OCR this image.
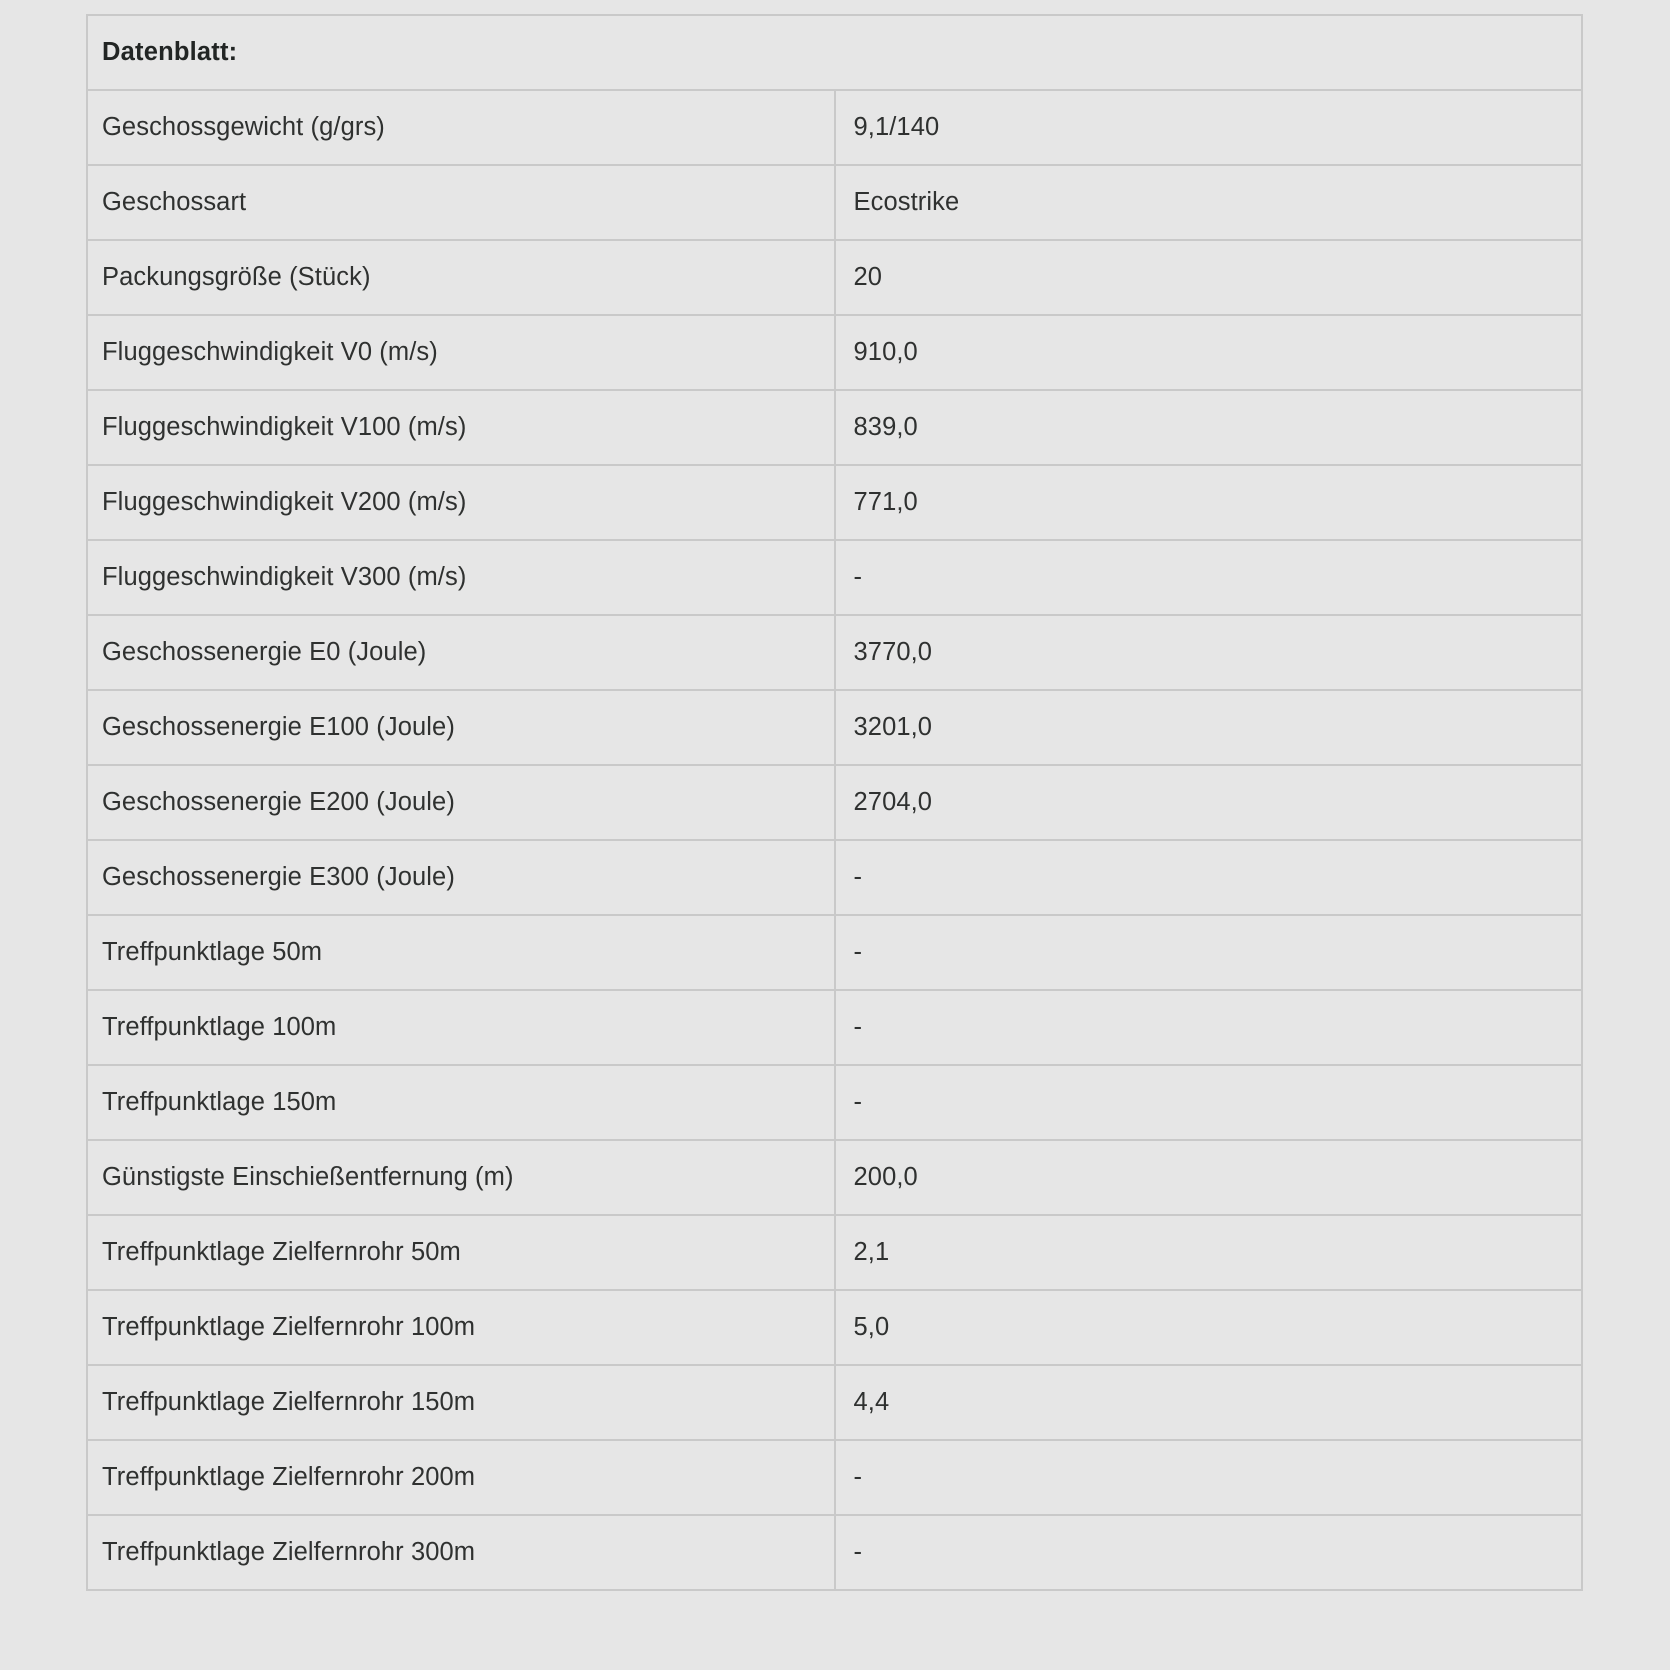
Datenblatt:	
Geschossgewicht (g/grs)	9,1/140
Geschossart	Ecostrike
Packungsgröße (Stück)	20
Fluggeschwindigkeit V0 (m/s)	910,0
Fluggeschwindigkeit V100 (m/s)	839,0
Fluggeschwindigkeit V200 (m/s)	771,0
Fluggeschwindigkeit V300 (m/s)	-
Geschossenergie E0 (Joule)	3770,0
Geschossenergie E100 (Joule)	3201,0
Geschossenergie E200 (Joule)	2704,0
Geschossenergie E300 (Joule)	-
Treffpunktlage 50m	-
Treffpunktlage 100m	-
Treffpunktlage 150m	-
Günstigste Einschießentfernung (m)	200,0
Treffpunktlage Zielfernrohr 50m	2,1
Treffpunktlage Zielfernrohr 100m	5,0
Treffpunktlage Zielfernrohr 150m	4,4
Treffpunktlage Zielfernrohr 200m	-
Treffpunktlage Zielfernrohr 300m	-
